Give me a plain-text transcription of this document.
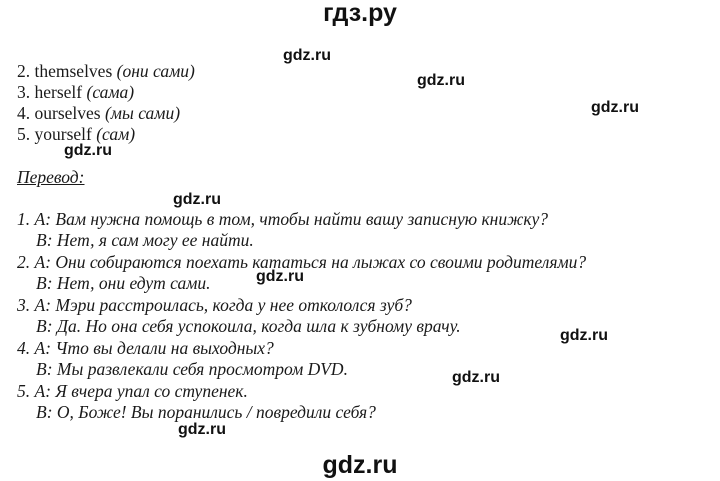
гдз.ру
2. themselves (они сами)
3. herself (сама)
4. ourselves (мы сами)
5. yourself (сам)
Перевод:
1. А: Вам нужна помощь в том, чтобы найти вашу записную книжку?
В: Нет, я сам могу ее найти.
2. А: Они собираются поехать кататься на лыжах со своими родителями?
В: Нет, они едут сами.
3. А: Мэри расстроилась, когда у нее откололся зуб?
В: Да. Но она себя успокоила, когда шла к зубному врачу.
4. А: Что вы делали на выходных?
В: Мы развлекали себя просмотром DVD.
5. А: Я вчера упал со ступенек.
В: О, Боже! Вы поранились / повредили себя?
gdz.ru
gdz.ru
gdz.ru
gdz.ru
gdz.ru
gdz.ru
gdz.ru
gdz.ru
gdz.ru
gdz.ru
